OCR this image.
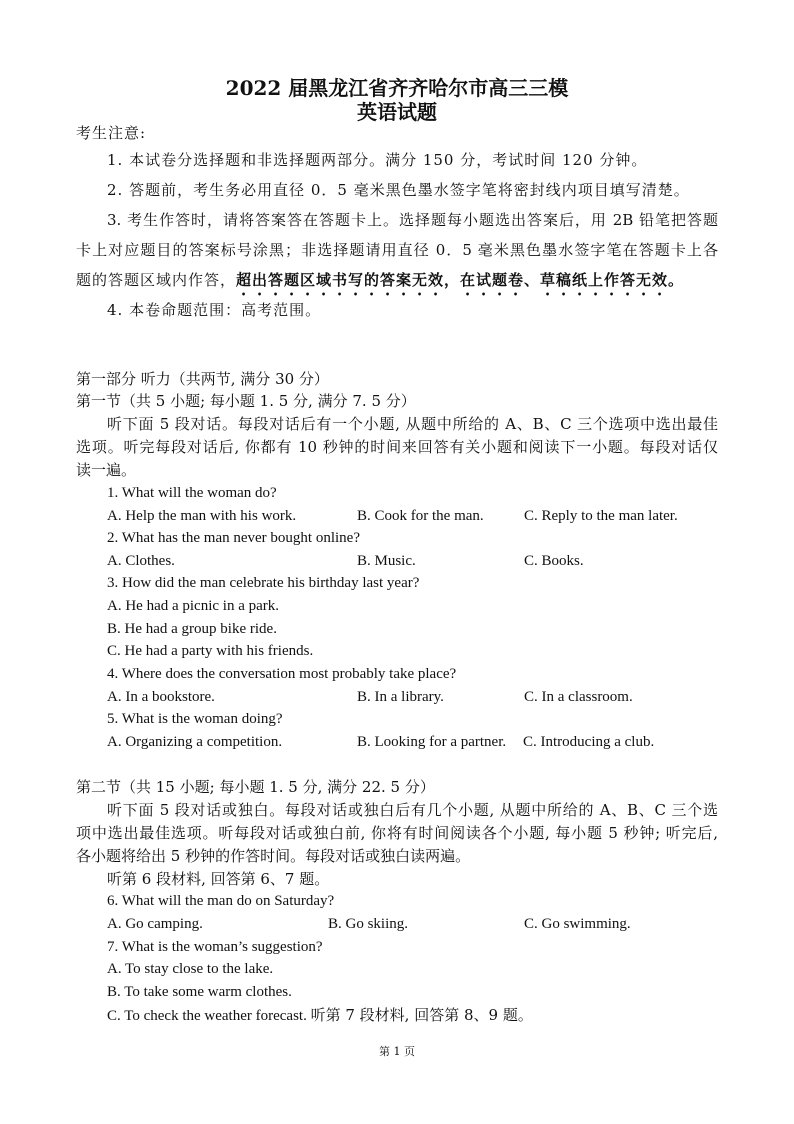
2022 届黑龙江省齐齐哈尔市高三三模
英语试题
考生注意:
1. 本试卷分选择题和非选择题两部分。满分 150 分，考试时间 120 分钟。
2. 答题前，考生务必用直径 0．5 毫米黑色墨水签字笔将密封线内项目填写清楚。
3. 考生作答时，请将答案答在答题卡上。选择题每小题选出答案后，用 2B 铅笔把答题
卡上对应题目的答案标号涂黑；非选择题请用直径 0．5 毫米黑色墨水签字笔在答题卡上各
题的答题区域内作答，超出答题区域书写的答案无效，在试题卷、草稿纸上作答无效。
4. 本卷命题范围：高考范围。
第一部分 听力（共两节, 满分 30 分）
第一节（共 5 小题; 每小题 1. 5 分, 满分 7. 5 分）
听下面 5 段对话。每段对话后有一个小题, 从题中所给的 A、B、C 三个选项中选出最佳
选项。听完每段对话后, 你都有 10 秒钟的时间来回答有关小题和阅读下一小题。每段对话仅
读一遍。
1. What will the woman do?
A. Help the man with his work.	B. Cook for the man.	C. Reply to the man later.
2. What has the man never bought online?
A. Clothes.	B. Music.	C. Books.
3. How did the man celebrate his birthday last year?
A. He had a picnic in a park.
B. He had a group bike ride.
C. He had a party with his friends.
4. Where does the conversation most probably take place?
A. In a bookstore.	B. In a library.	C. In a classroom.
5. What is the woman doing?
A. Organizing a competition.	B. Looking for a partner. C. Introducing a club.
第二节（共 15 小题; 每小题 1. 5 分, 满分 22. 5 分）
听下面 5 段对话或独白。每段对话或独白后有几个小题, 从题中所给的 A、B、C 三个选
项中选出最佳选项。听每段对话或独白前, 你将有时间阅读各个小题, 每小题 5 秒钟; 听完后,
各小题将给出 5 秒钟的作答时间。每段对话或独白读两遍。
听第 6 段材料, 回答第 6、7 题。
6. What will the man do on Saturday?
A. Go camping.	B. Go skiing.	C. Go swimming.
7. What is the woman’s suggestion?
A. To stay close to the lake.
B. To take some warm clothes.
C. To check the weather forecast. 听第 7 段材料, 回答第 8、9 题。
第 1 页
